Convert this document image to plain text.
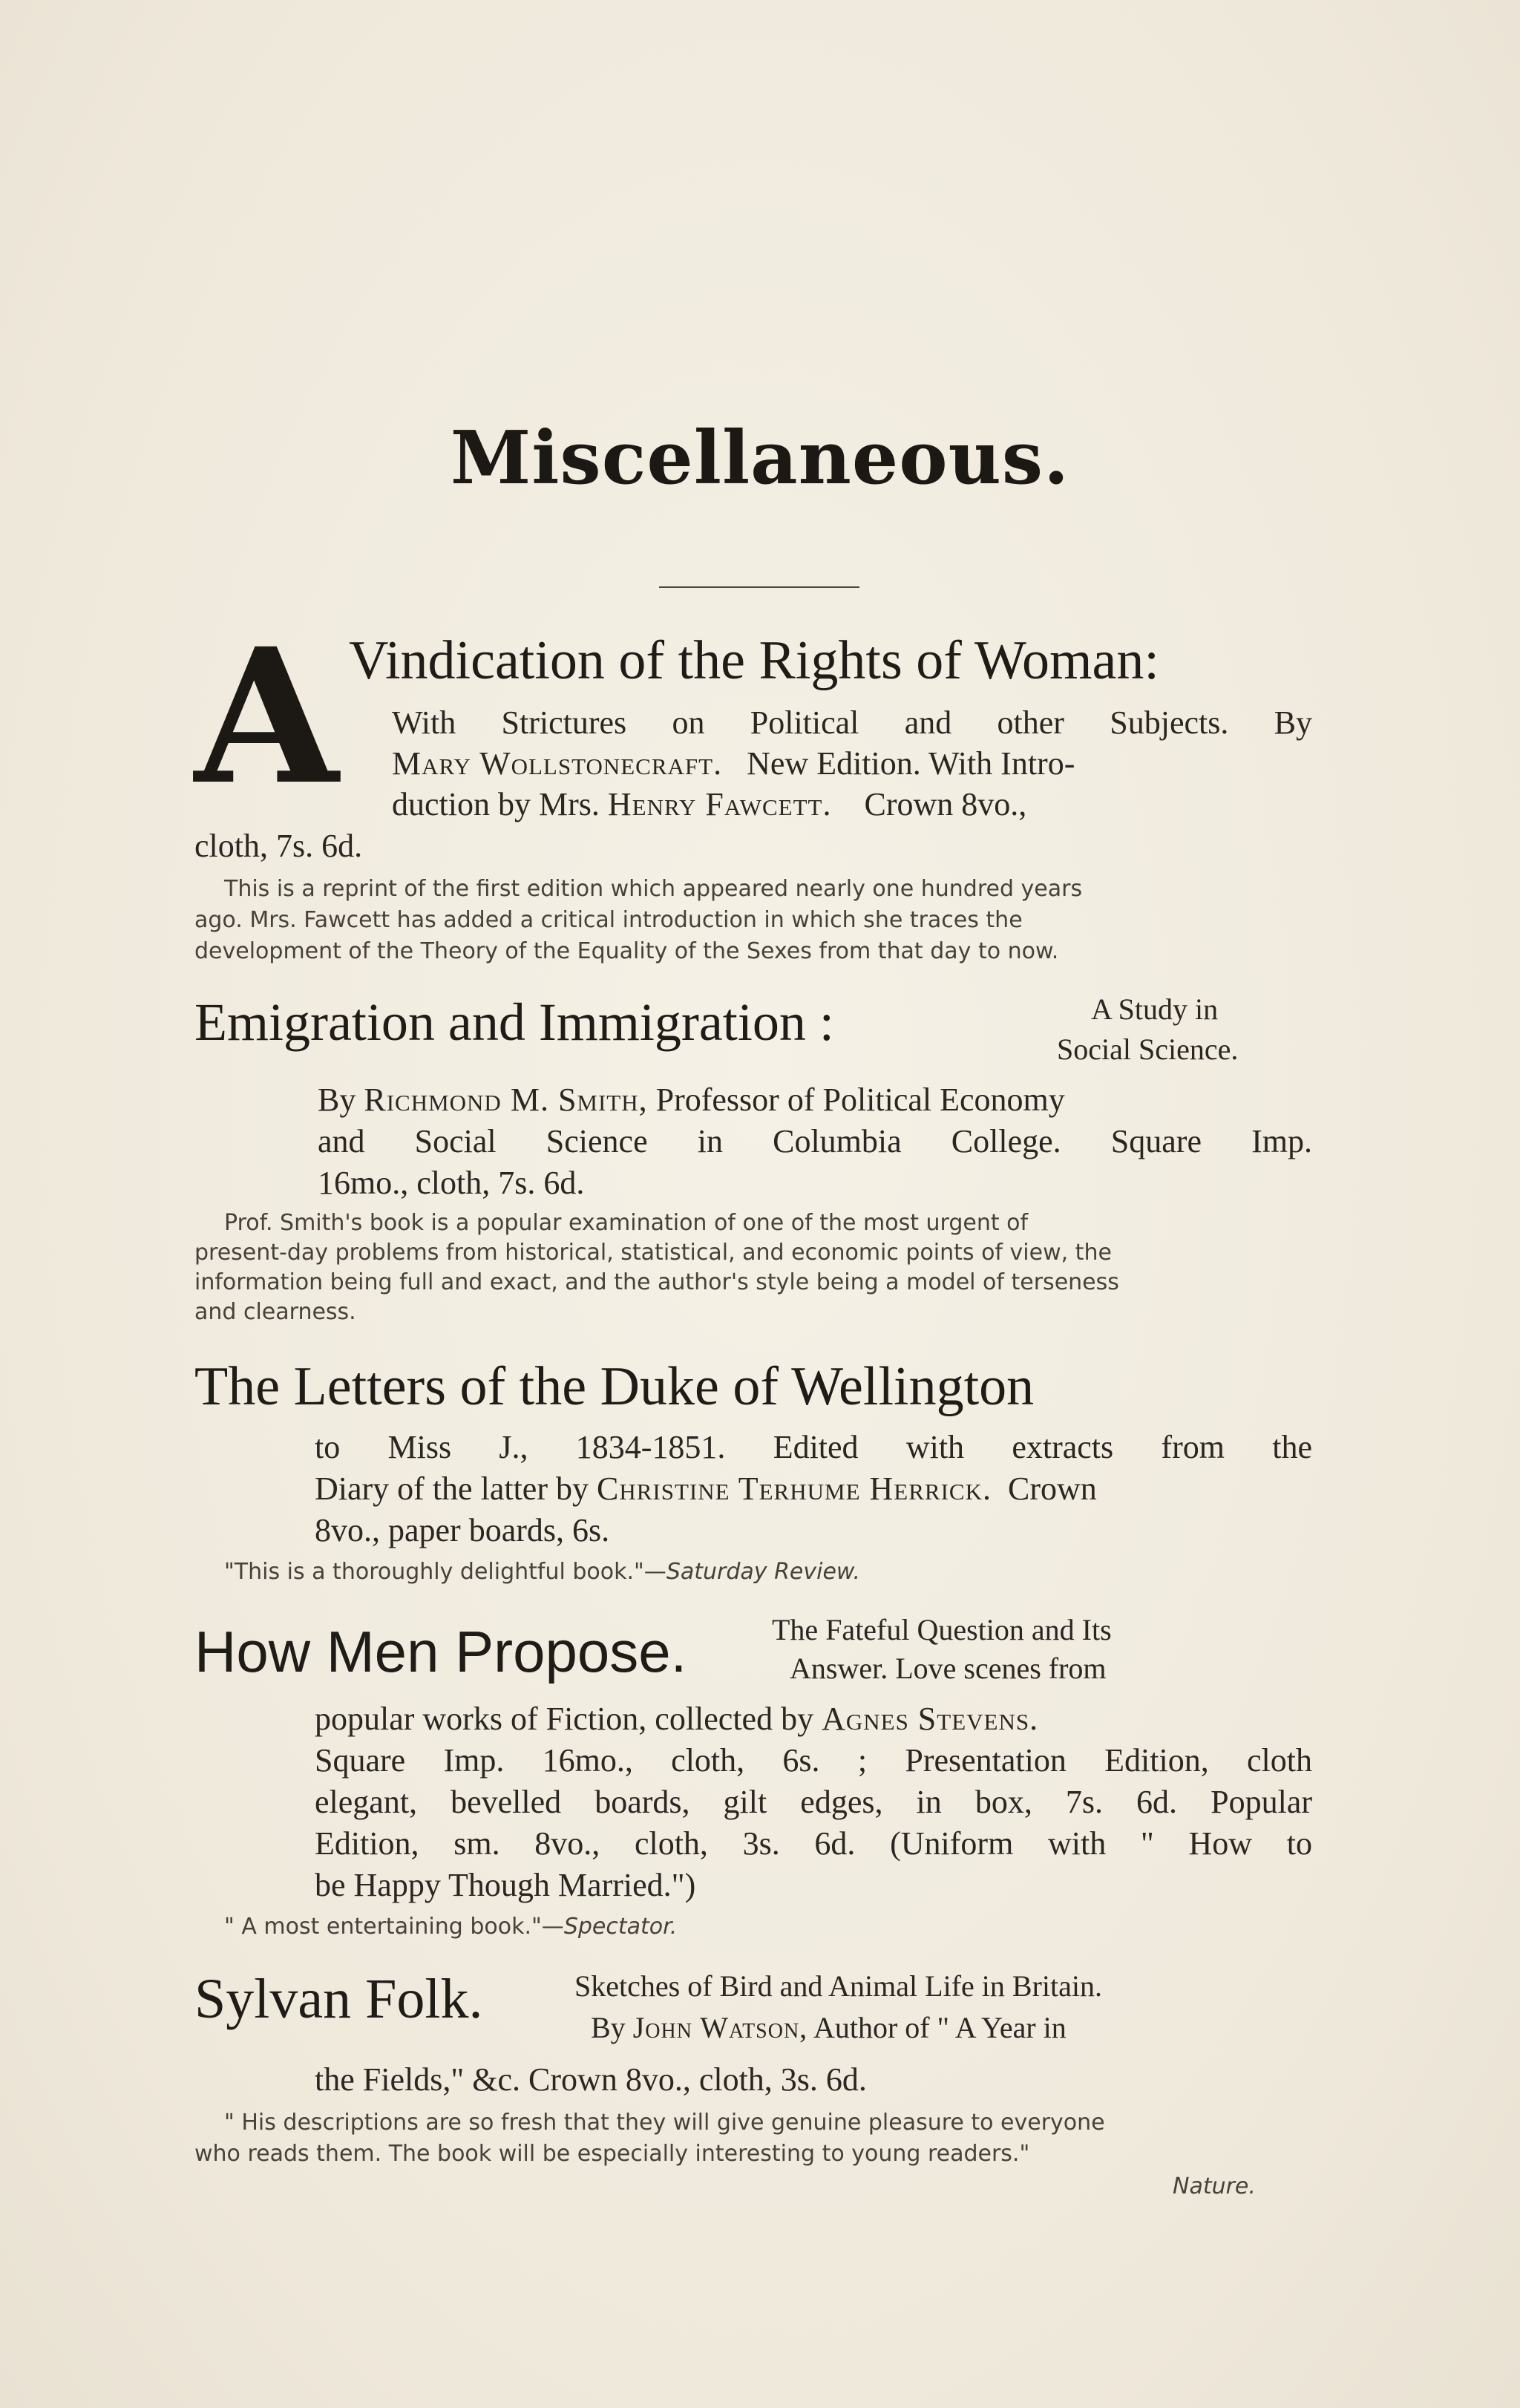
Miscellaneous.
A Vindication of the Rights of Woman:
With Strictures on Political and other Subjects. By
Mary Wollstonecraft. New Edition. With Intro-
duction by Mrs. Henry Fawcett. Crown 8vo.,
cloth, 7s. 6d.
This is a reprint of the first edition which appeared nearly one hundred years
ago. Mrs. Fawcett has added a critical introduction in which she traces the
development of the Theory of the Equality of the Sexes from that day to now.
Emigration and Immigration :	A Study in
Social Science.
By Richmond M. Smith, Professor of Political Economy
and Social Science in Columbia College. Square Imp.
16mo., cloth, 7s. 6d.
Prof. Smith's book is a popular examination of one of the most urgent of
present-day problems from historical, statistical, and economic points of view, the
information being full and exact, and the author's style being a model of terseness
and clearness.
The Letters of the Duke of Wellington
to Miss J., 1834-1851. Edited with extracts from the
Diary of the latter by Christine Terhume Herrick. Crown
8vo., paper boards, 6s.
"This is a thoroughly delightful book."—Saturday Review.
How Men Propose.	The Fateful Question and Its
Answer. Love scenes from
popular works of Fiction, collected by Agnes Stevens.
Square Imp. 16mo., cloth, 6s. ; Presentation Edition, cloth
elegant, bevelled boards, gilt edges, in box, 7s. 6d. Popular
Edition, sm. 8vo., cloth, 3s. 6d. (Uniform with " How to
be Happy Though Married.")
" A most entertaining book."—Spectator.
Sylvan Folk.	Sketches of Bird and Animal Life in Britain.
By John Watson, Author of " A Year in
the Fields," &c. Crown 8vo., cloth, 3s. 6d.
" His descriptions are so fresh that they will give genuine pleasure to everyone
who reads them. The book will be especially interesting to young readers."
Nature.
